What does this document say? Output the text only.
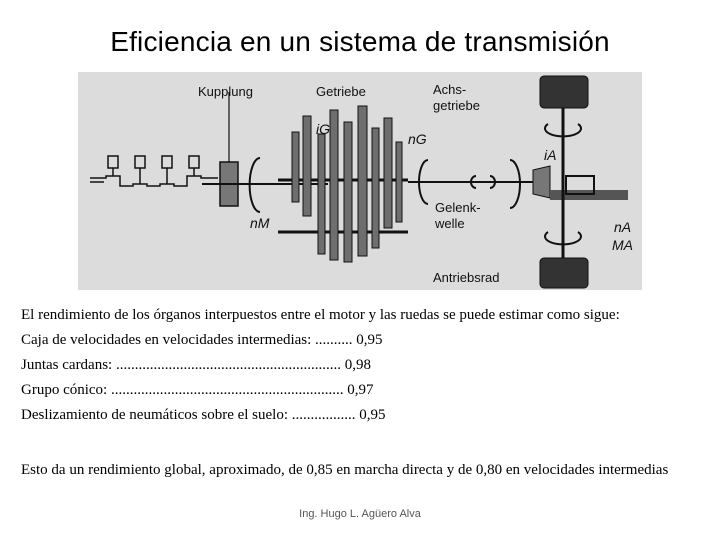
Eficiencia en un sistema de transmisión
Kupplung	Getriebe	Achs-
getriebe
Gelenk-
welle
Antriebsrad
iG
nG
nM
iA
nA
MA
El rendimiento de los órganos interpuestos entre el motor y las ruedas se puede estimar como sigue:
Caja de velocidades en velocidades intermedias: .......... 0,95
Juntas cardans: ............................................................ 0,98
Grupo cónico: .............................................................. 0,97
Deslizamiento de neumáticos sobre el suelo: ................. 0,95
Esto da un rendimiento global, aproximado, de 0,85 en marcha directa y de 0,80 en velocidades intermedias
Ing. Hugo L. Agüero Alva
